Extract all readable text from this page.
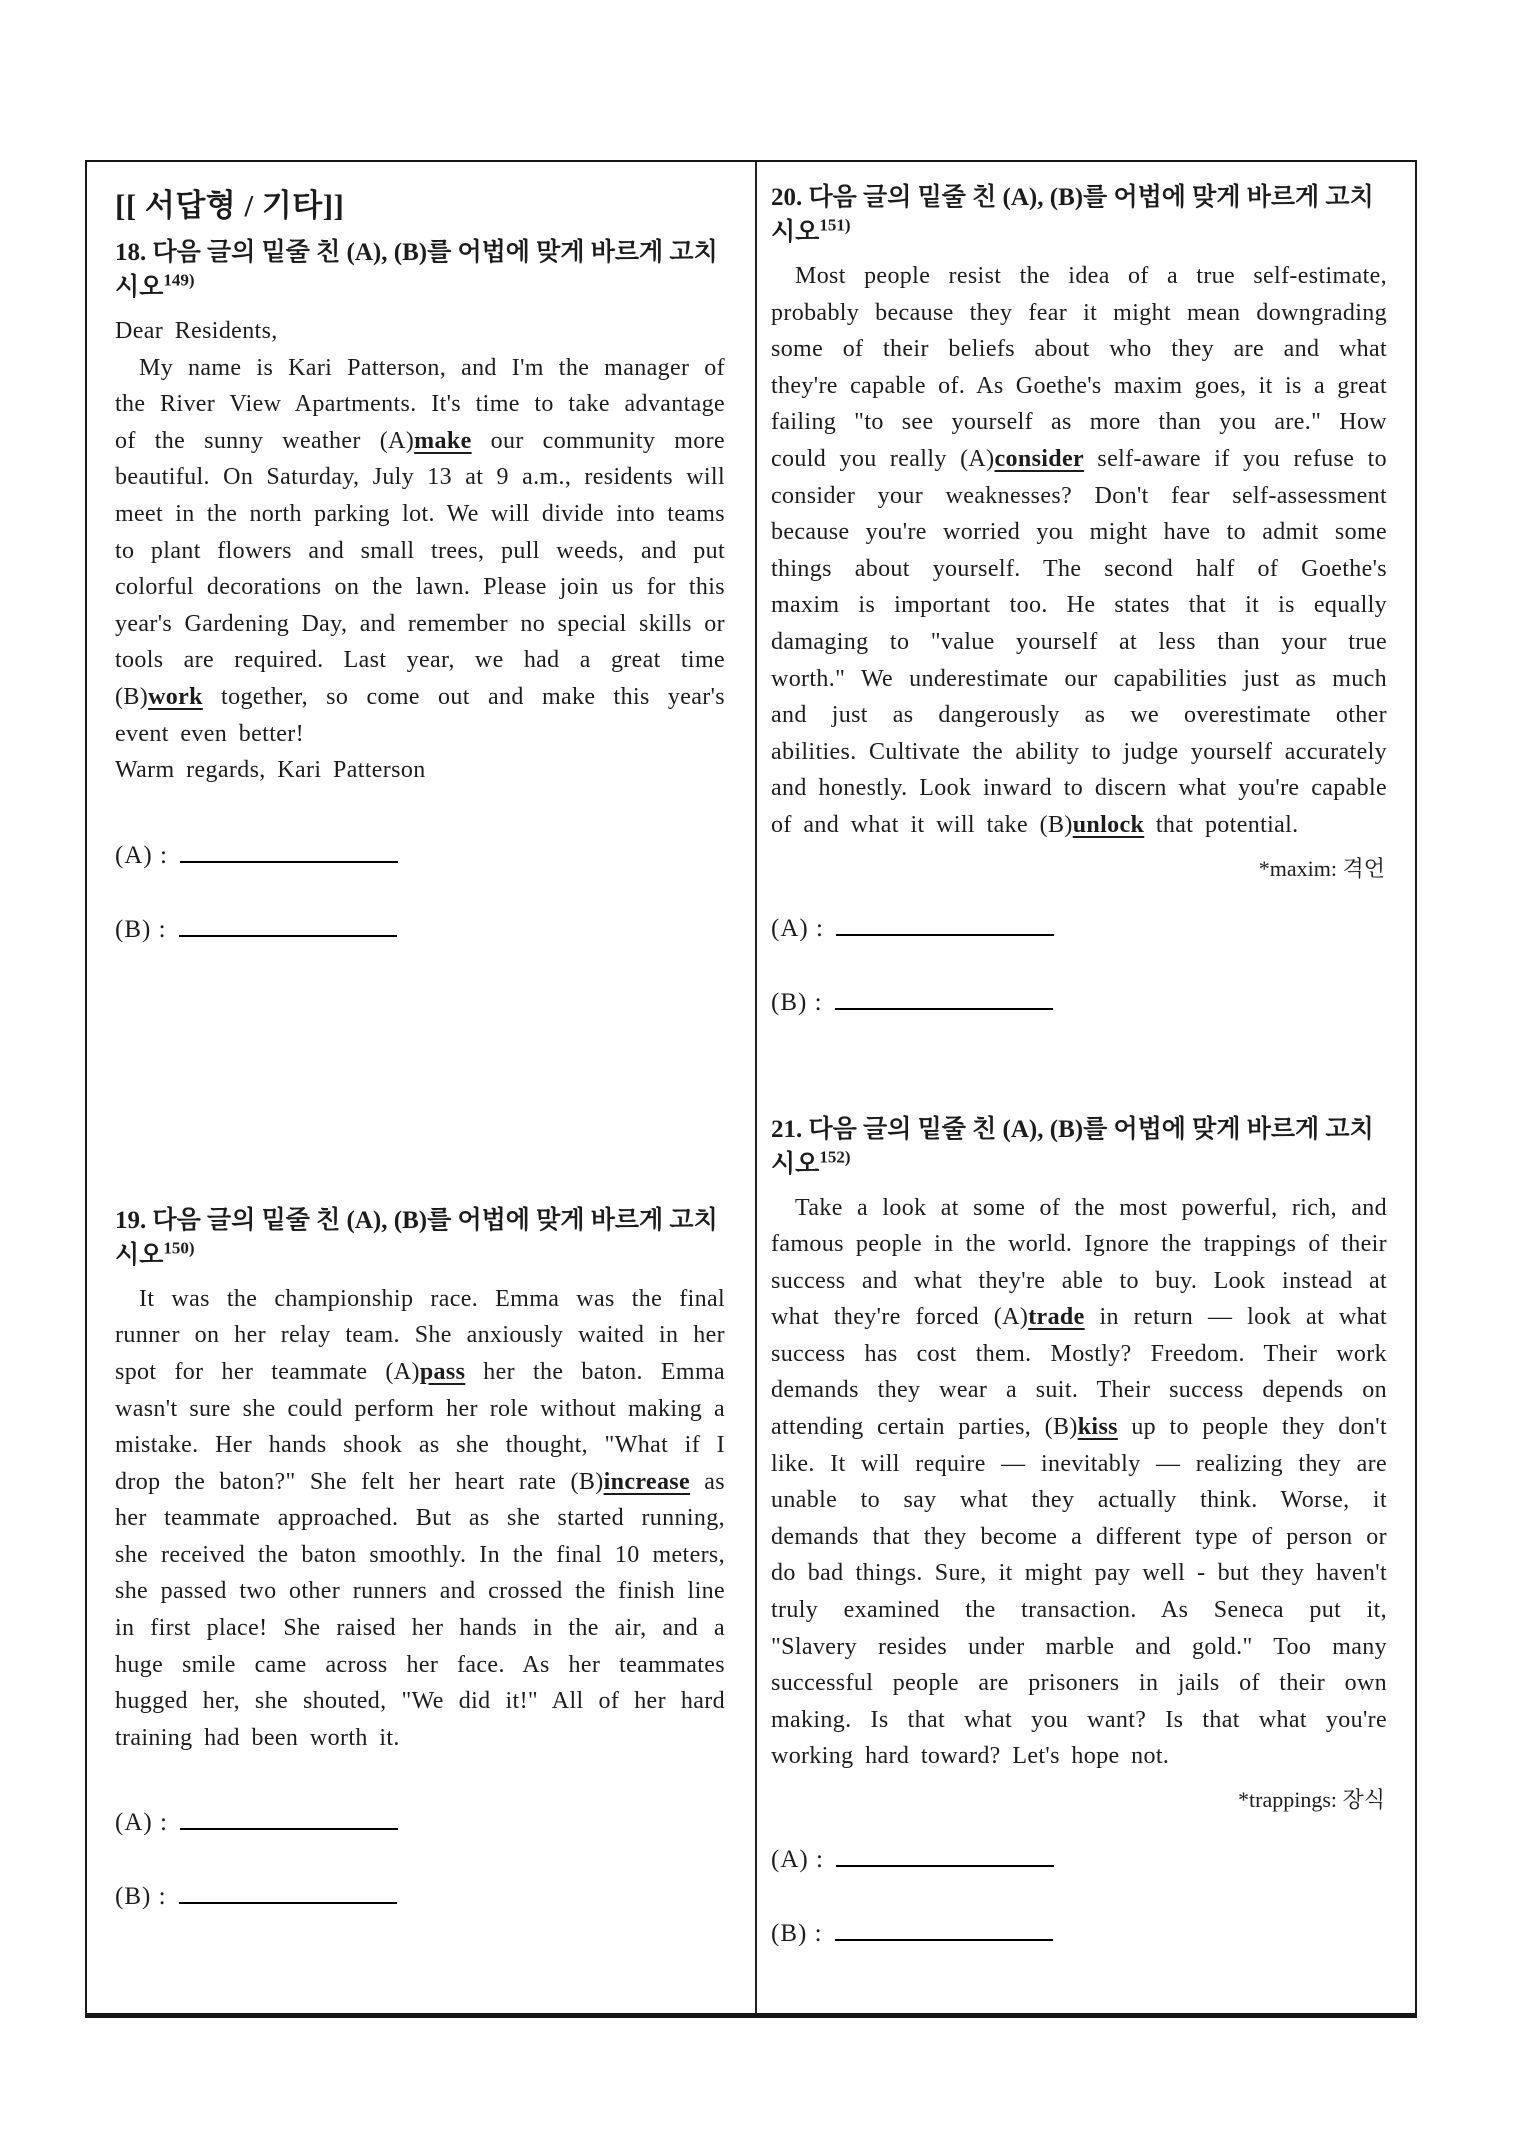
[[ 서답형 / 기타]]
18. 다음 글의 밑줄 친 (A), (B)를 어법에 맞게 바르게 고치시오$^{149)}$

Dear Residents,

My name is Kari Patterson, and I'm the manager of the River View Apartments. It's time to take advantage of the sunny weather (A)make our community more beautiful. On Saturday, July 13 at 9 a.m., residents will meet in the north parking lot. We will divide into teams to plant flowers and small trees, pull weeds, and put colorful decorations on the lawn. Please join us for this year's Gardening Day, and remember no special skills or tools are required. Last year, we had a great time (B)work together, so come out and make this year's event even better!

Warm regards, Kari Patterson

(A) :
(B) :
19. 다음 글의 밑줄 친 (A), (B)를 어법에 맞게 바르게 고치시오$^{150)}$

It was the championship race. Emma was the final runner on her relay team. She anxiously waited in her spot for her teammate (A)pass her the baton. Emma wasn't sure she could perform her role without making a mistake. Her hands shook as she thought, "What if I drop the baton?" She felt her heart rate (B)increase as her teammate approached. But as she started running, she received the baton smoothly. In the final 10 meters, she passed two other runners and crossed the finish line in first place! She raised her hands in the air, and a huge smile came across her face. As her teammates hugged her, she shouted, "We did it!" All of her hard training had been worth it.

(A) :
(B) :
20. 다음 글의 밑줄 친 (A), (B)를 어법에 맞게 바르게 고치시오$^{151)}$

Most people resist the idea of a true self-estimate, probably because they fear it might mean downgrading some of their beliefs about who they are and what they're capable of. As Goethe's maxim goes, it is a great failing "to see yourself as more than you are." How could you really (A)consider self-aware if you refuse to consider your weaknesses? Don't fear self-assessment because you're worried you might have to admit some things about yourself. The second half of Goethe's maxim is important too. He states that it is equally damaging to "value yourself at less than your true worth." We underestimate our capabilities just as much and just as dangerously as we overestimate other abilities. Cultivate the ability to judge yourself accurately and honestly. Look inward to discern what you're capable of and what it will take (B)unlock that potential.

*maxim: 격언
(A) :
(B) :
21. 다음 글의 밑줄 친 (A), (B)를 어법에 맞게 바르게 고치시오$^{152)}$

Take a look at some of the most powerful, rich, and famous people in the world. Ignore the trappings of their success and what they're able to buy. Look instead at what they're forced (A)trade in return ― look at what success has cost them. Mostly? Freedom. Their work demands they wear a suit. Their success depends on attending certain parties, (B)kiss up to people they don't like. It will require ― inevitably ― realizing they are unable to say what they actually think. Worse, it demands that they become a different type of person or do bad things. Sure, it might pay well - but they haven't truly examined the transaction. As Seneca put it, "Slavery resides under marble and gold." Too many successful people are prisoners in jails of their own making. Is that what you want? Is that what you're working hard toward? Let's hope not.

*trappings: 장식
(A) :
(B) :
